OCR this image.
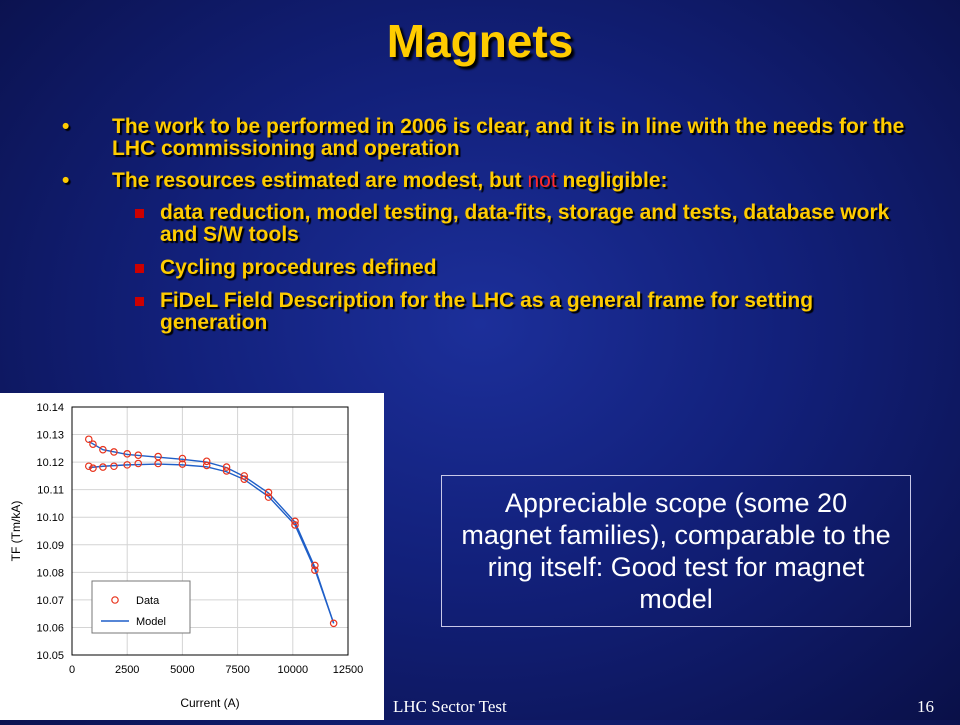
Magnets
• The work to be performed in 2006 is clear, and it is in line with the needs for the LHC commissioning and operation
• The resources estimated are modest, but not negligible:
data reduction, model testing, data-fits, storage and tests, database work and S/W tools
Cycling procedures defined
FiDeL Field Description for the LHC as a general frame for setting generation
0	2500	5000	7500	10000 12500
10.05
10.06
10.07
10.08
10.09
10.10
10.11
10.12
10.13
10.14
Current (A)
TF (Tm/kA)
Data
Model
Appreciable scope (some 20 magnet families), comparable to the ring itself: Good test for magnet model
LHC Sector Test	16
